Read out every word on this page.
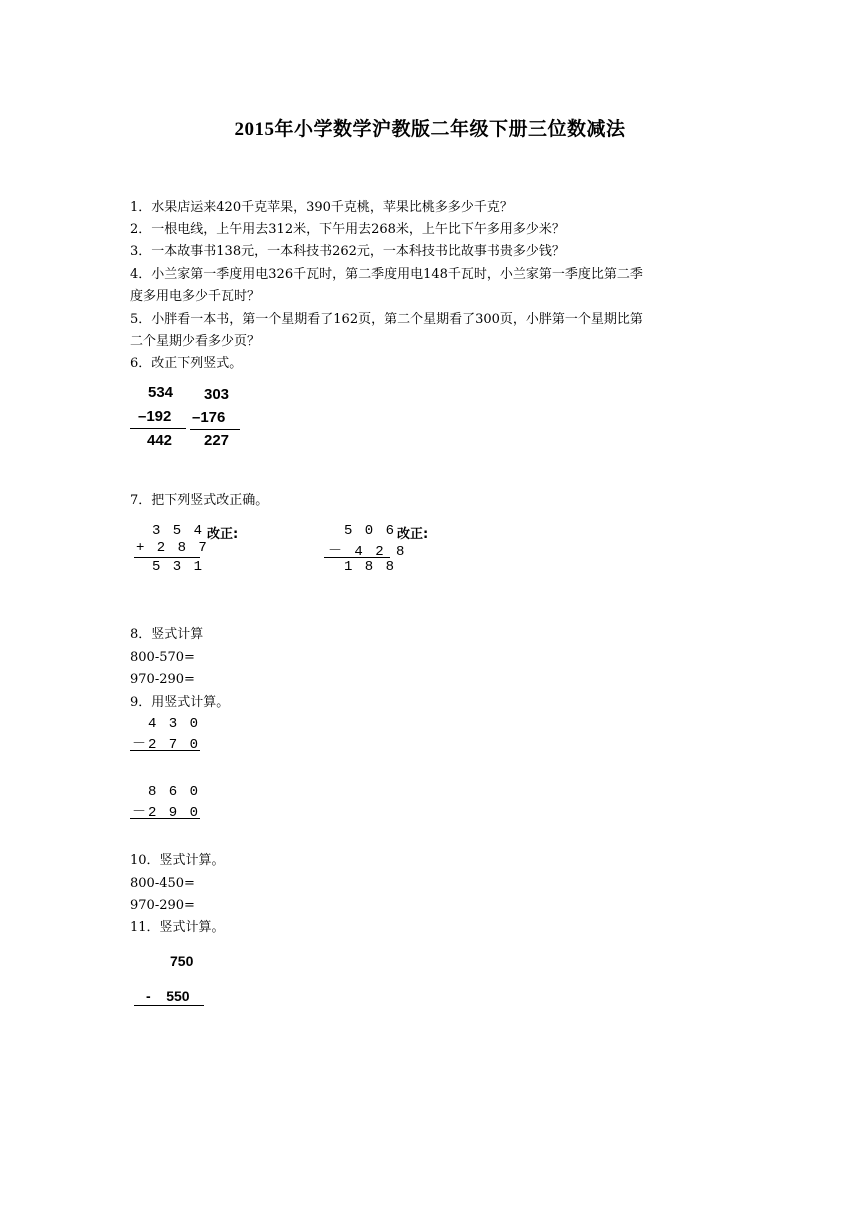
2015年小学数学沪教版二年级下册三位数减法
1．水果店运来420千克苹果，390千克桃，苹果比桃多多少千克？
2．一根电线，上午用去312米，下午用去268米，上午比下午多用多少米？
3．一本故事书138元，一本科技书262元，一本科技书比故事书贵多少钱？
4．小兰家第一季度用电326千瓦时，第二季度用电148千瓦时，小兰家第一季度比第二季
度多用电多少千瓦时？
5．小胖看一本书，第一个星期看了162页，第二个星期看了300页，小胖第一个星期比第
二个星期少看多少页？
6．改正下列竖式。
534
–192
442
303
–176
227
7．把下列竖式改正确。
3 5 4 改正:
+ 2 8 7
5 3 1
5 0 6 改正:
－ 4 2 8
1 8 8
8．竖式计算
800-570=
970-290=
9．用竖式计算。
4 3 0
－2 7 0
8 6 0
－2 9 0
10．竖式计算。
800-450=
970-290=
11．竖式计算。
750
-    550
